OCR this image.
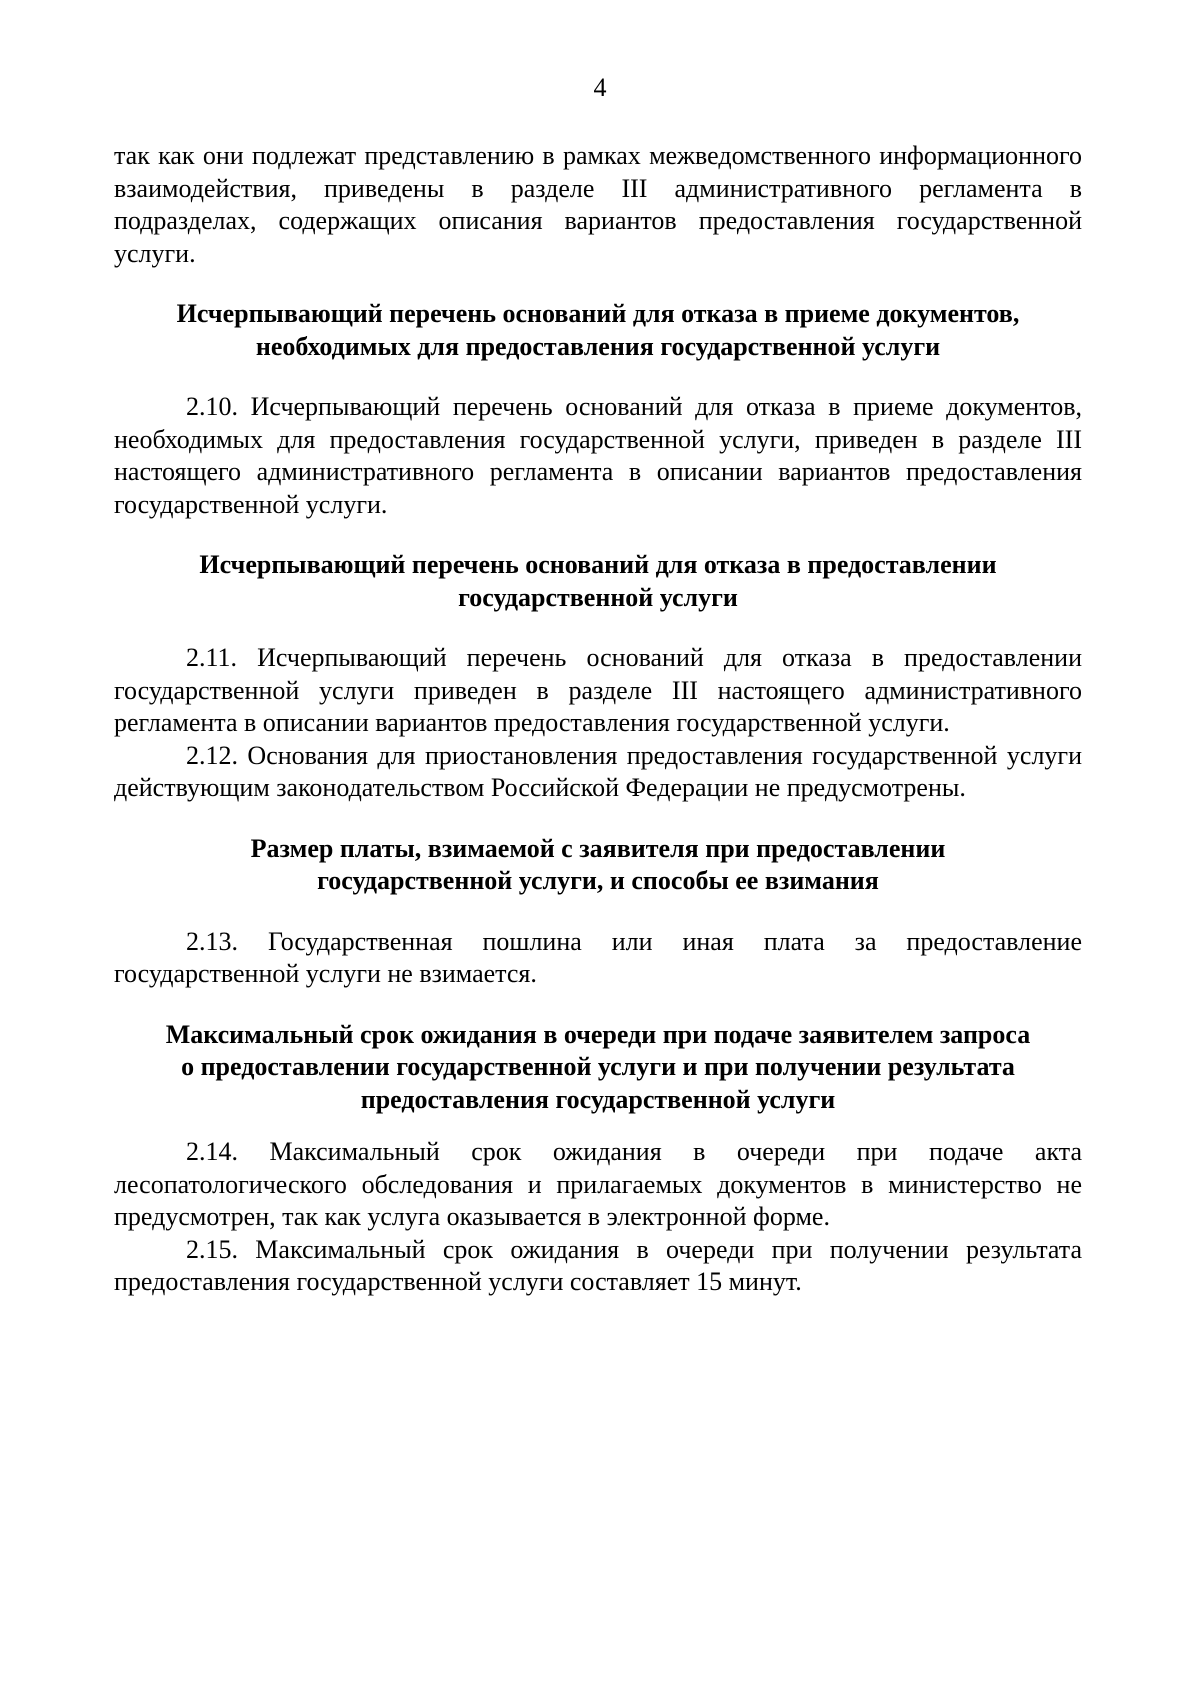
4

так как они подлежат представлению в рамках межведомственного информационного взаимодействия, приведены в разделе III административного регламента в подразделах, содержащих описания вариантов предоставления государственной услуги.

Исчерпывающий перечень оснований для отказа в приеме документов,
необходимых для предоставления государственной услуги

2.10. Исчерпывающий перечень оснований для отказа в приеме документов, необходимых для предоставления государственной услуги, приведен в разделе III настоящего административного регламента в описании вариантов предоставления государственной услуги.

Исчерпывающий перечень оснований для отказа в предоставлении
государственной услуги

2.11. Исчерпывающий перечень оснований для отказа в предоставлении государственной услуги приведен в разделе III настоящего административного регламента в описании вариантов предоставления государственной услуги.

2.12. Основания для приостановления предоставления государственной услуги действующим законодательством Российской Федерации не предусмотрены.

Размер платы, взимаемой с заявителя при предоставлении
государственной услуги, и способы ее взимания

2.13. Государственная пошлина или иная плата за предоставление государственной услуги не взимается.

Максимальный срок ожидания в очереди при подаче заявителем запроса
о предоставлении государственной услуги и при получении результата
предоставления государственной услуги

2.14. Максимальный срок ожидания в очереди при подаче акта лесопатологического обследования и прилагаемых документов в министерство не предусмотрен, так как услуга оказывается в электронной форме.

2.15. Максимальный срок ожидания в очереди при получении результата предоставления государственной услуги составляет 15 минут.
